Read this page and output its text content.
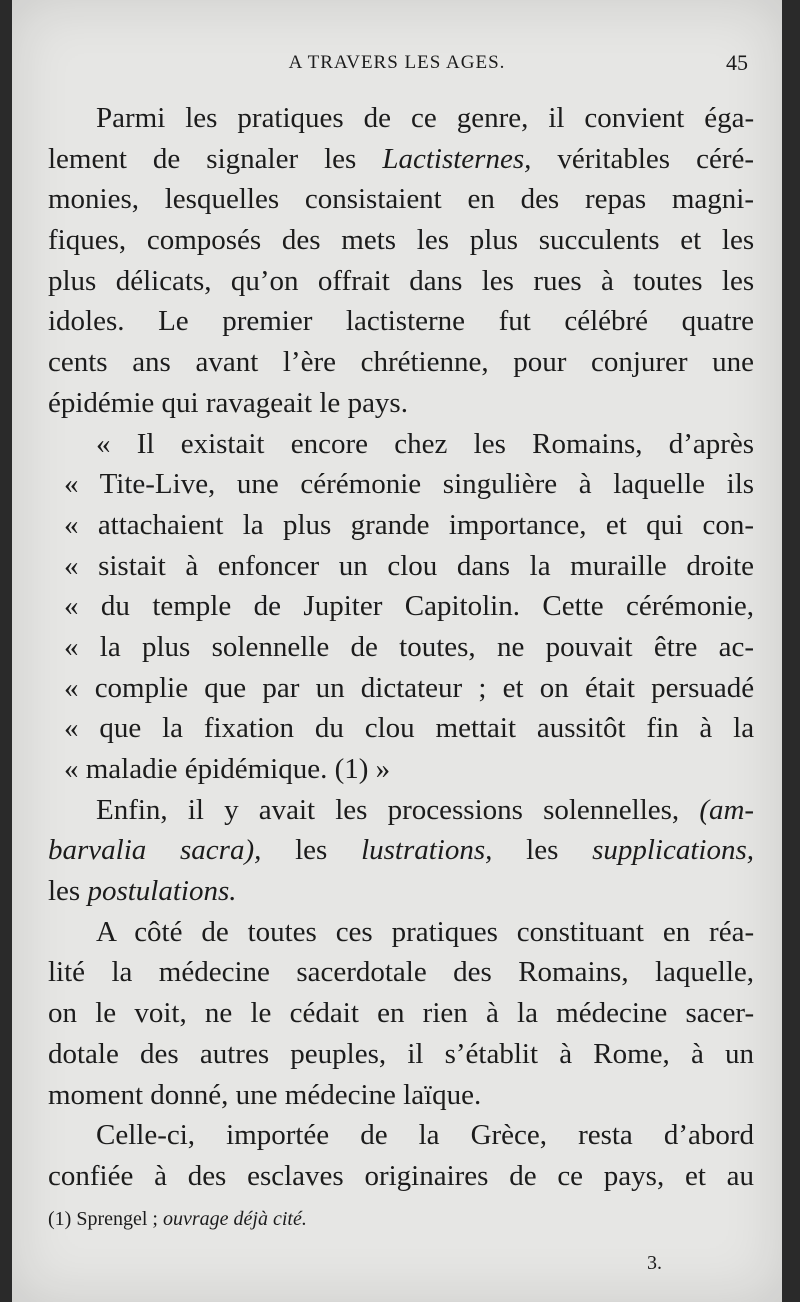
A TRAVERS LES AGES.	45
Parmi les pratiques de ce genre, il convient éga-
lement de signaler les Lactisternes, véritables céré-
monies, lesquelles consistaient en des repas magni-
fiques, composés des mets les plus succulents et les
plus délicats, qu’on offrait dans les rues à toutes les
idoles. Le premier lactisterne fut célébré quatre
cents ans avant l’ère chrétienne, pour conjurer une
épidémie qui ravageait le pays.
« Il existait encore chez les Romains, d’après
« Tite-Live, une cérémonie singulière à laquelle ils
« attachaient la plus grande importance, et qui con-
« sistait à enfoncer un clou dans la muraille droite
« du temple de Jupiter Capitolin. Cette cérémonie,
« la plus solennelle de toutes, ne pouvait être ac-
« complie que par un dictateur ; et on était persuadé
« que la fixation du clou mettait aussitôt fin à la
« maladie épidémique. (1) »
Enfin, il y avait les processions solennelles, (am-
barvalia sacra), les lustrations, les supplications,
les postulations.
A côté de toutes ces pratiques constituant en réa-
lité la médecine sacerdotale des Romains, laquelle,
on le voit, ne le cédait en rien à la médecine sacer-
dotale des autres peuples, il s’établit à Rome, à un
moment donné, une médecine laïque.
Celle-ci, importée de la Grèce, resta d’abord
confiée à des esclaves originaires de ce pays, et au
(1) Sprengel ; ouvrage déjà cité.
3.
